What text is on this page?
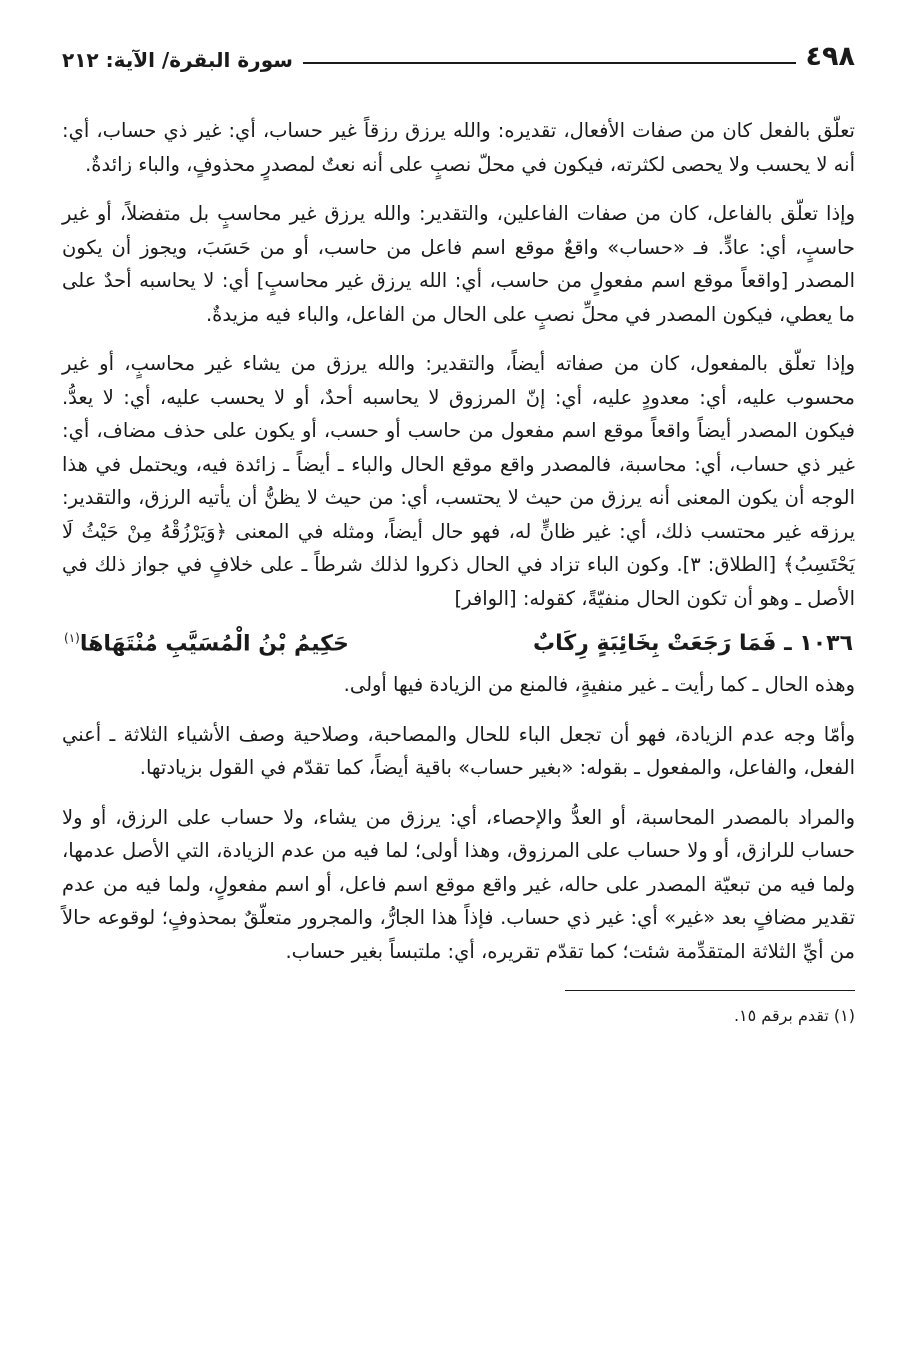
٤٩٨
سورة البقرة/ الآية: ٢١٢

تعلّق بالفعل كان من صفات الأفعال، تقديره: والله يرزق رزقاً غير حساب، أي: غير ذي حساب، أي: أنه لا يحسب ولا يحصى لكثرته، فيكون في محلّ نصبٍ على أنه نعتٌ لمصدرٍ محذوفٍ، والباء زائدةٌ.

وإذا تعلّق بالفاعل، كان من صفات الفاعلين، والتقدير: والله يرزق غير محاسبٍ بل متفضلاً، أو غير حاسبٍ، أي: عادٍّ. فـ «حساب» واقعٌ موقع اسم فاعل من حاسب، أو من حَسَبَ، ويجوز أن يكون المصدر [واقعاً موقع اسم مفعولٍ من حاسب، أي: الله يرزق غير محاسبٍ] أي: لا يحاسبه أحدٌ على ما يعطي، فيكون المصدر في محلِّ نصبٍ على الحال من الفاعل، والباء فيه مزيدةٌ.

وإذا تعلّق بالمفعول، كان من صفاته أيضاً، والتقدير: والله يرزق من يشاء غير محاسبٍ، أو غير محسوب عليه، أي: معدودٍ عليه، أي: إنّ المرزوق لا يحاسبه أحدٌ، أو لا يحسب عليه، أي: لا يعدُّ. فيكون المصدر أيضاً واقعاً موقع اسم مفعول من حاسب أو حسب، أو يكون على حذف مضاف، أي: غير ذي حساب، أي: محاسبة، فالمصدر واقع موقع الحال والباء ـ أيضاً ـ زائدة فيه، ويحتمل في هذا الوجه أن يكون المعنى أنه يرزق من حيث لا يحتسب، أي: من حيث لا يظنُّ أن يأتيه الرزق، والتقدير: يرزقه غير محتسب ذلك، أي: غير ظانٍّ له، فهو حال أيضاً، ومثله في المعنى ﴿وَيَرْزُقْهُ مِنْ حَيْثُ لَا يَحْتَسِبُ﴾ [الطلاق: ٣]. وكون الباء تزاد في الحال ذكروا لذلك شرطاً ـ على خلافٍ في جواز ذلك في الأصل ـ وهو أن تكون الحال منفيّةً، كقوله: [الوافر]

١٠٣٦ ـ فَمَا رَجَعَتْ بِخَائِبَةٍ رِكَابٌ
حَكِيمُ بْنُ الْمُسَيَّبِ مُنْتَهَاهَا$^{(١)}$

وهذه الحال ـ كما رأيت ـ غير منفيةٍ، فالمنع من الزيادة فيها أولى.

وأمّا وجه عدم الزيادة، فهو أن تجعل الباء للحال والمصاحبة، وصلاحية وصف الأشياء الثلاثة ـ أعني الفعل، والفاعل، والمفعول ـ بقوله: «بغير حساب» باقية أيضاً، كما تقدّم في القول بزيادتها.

والمراد بالمصدر المحاسبة، أو العدُّ والإحصاء، أي: يرزق من يشاء، ولا حساب على الرزق، أو ولا حساب للرازق، أو ولا حساب على المرزوق، وهذا أولى؛ لما فيه من عدم الزيادة، التي الأصل عدمها، ولما فيه من تبعيّة المصدر على حاله، غير واقع موقع اسم فاعل، أو اسم مفعولٍ، ولما فيه من عدم تقدير مضافٍ بعد «غير» أي: غير ذي حساب. فإذاً هذا الجارُّ، والمجرور متعلّقٌ بمحذوفٍ؛ لوقوعه حالاً من أيِّ الثلاثة المتقدِّمة شئت؛ كما تقدّم تقريره، أي: ملتبساً بغير حساب.

(١) تقدم برقم ١٥.
